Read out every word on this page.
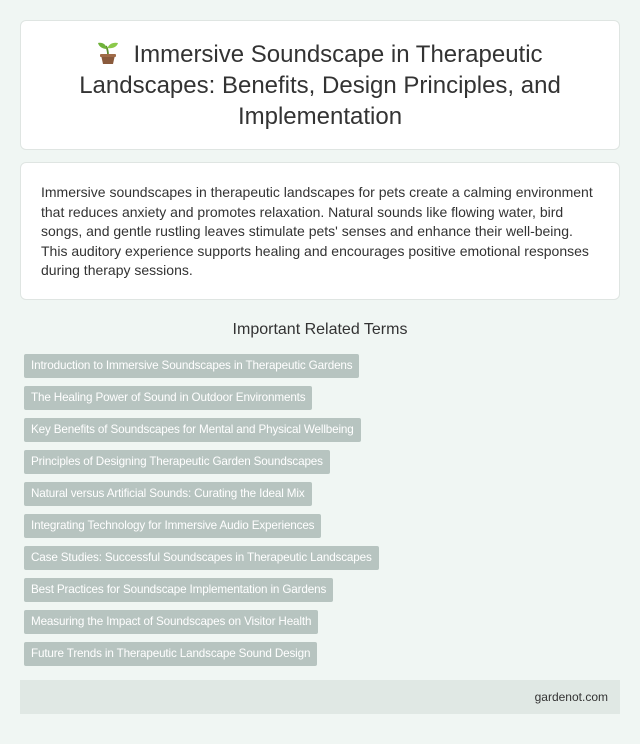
Immersive Soundscape in Therapeutic Landscapes: Benefits, Design Principles, and Implementation

Immersive soundscapes in therapeutic landscapes for pets create a calming environment that reduces anxiety and promotes relaxation. Natural sounds like flowing water, bird songs, and gentle rustling leaves stimulate pets' senses and enhance their well-being. This auditory experience supports healing and encourages positive emotional responses during therapy sessions.

Important Related Terms
Introduction to Immersive Soundscapes in Therapeutic Gardens
The Healing Power of Sound in Outdoor Environments
Key Benefits of Soundscapes for Mental and Physical Wellbeing
Principles of Designing Therapeutic Garden Soundscapes
Natural versus Artificial Sounds: Curating the Ideal Mix
Integrating Technology for Immersive Audio Experiences
Case Studies: Successful Soundscapes in Therapeutic Landscapes
Best Practices for Soundscape Implementation in Gardens
Measuring the Impact of Soundscapes on Visitor Health
Future Trends in Therapeutic Landscape Sound Design
gardenot.com
